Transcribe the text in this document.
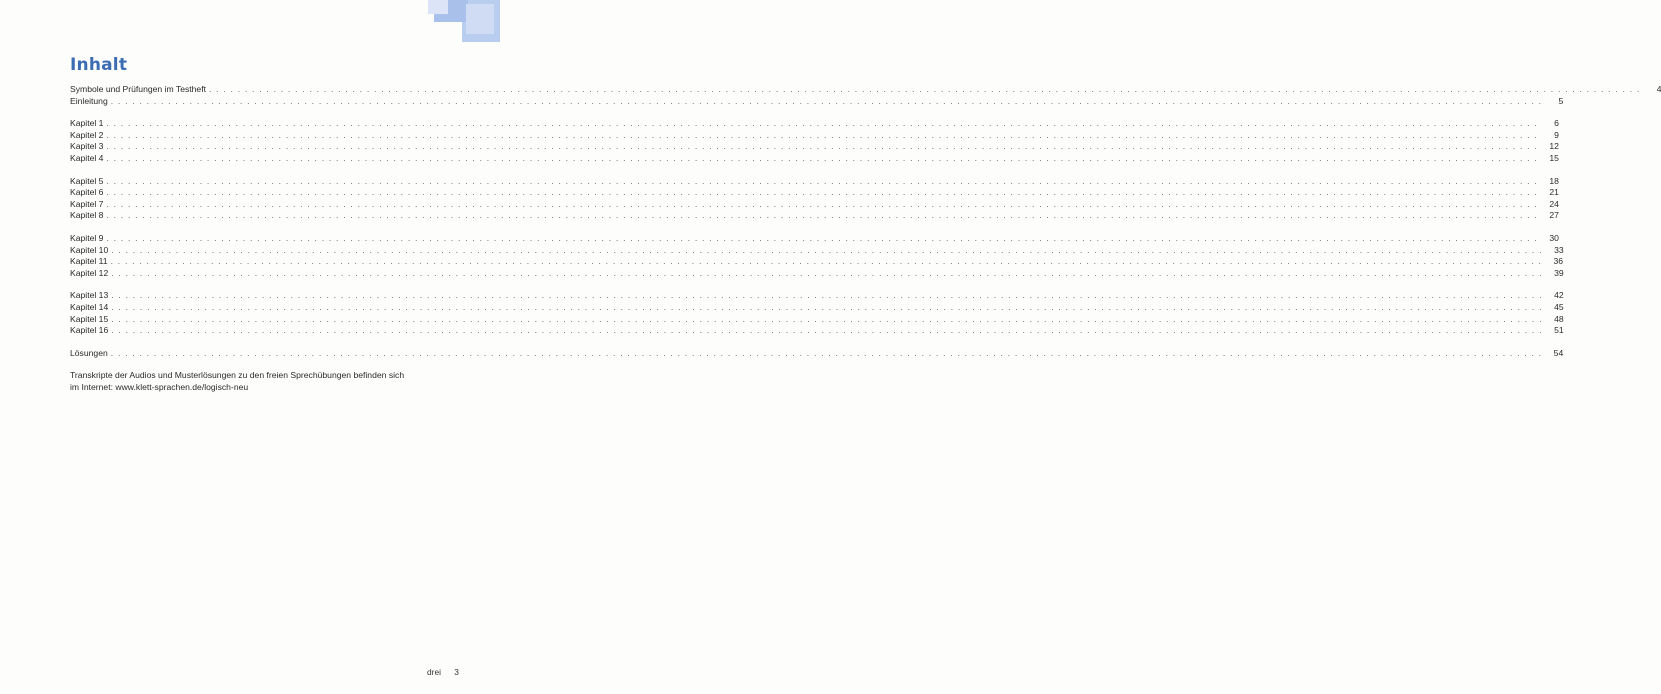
Inhalt
Symbole und Prüfungen im Testheft . . . . . . . . . . . . . . . . . . . . . . . . . . . . . . . . . . . . . . . . . . . . . . . . . . . . . . . . . . . . . . . . . . . . . . . . . . . . . . . . . . . . . . . . . . . . . . . . . . . . . . . . . . . . . . . . . . . . . . . . . . . . . . . . . . . . . . . . . . . . . . . . . . . . . . . . . . . . . . . . . . . . . . . . . . . . . . . . . . . . . . . . . . . . . . . . . . . . . . . .	4
Einleitung . . . . . . . . . . . . . . . . . . . . . . . . . . . . . . . . . . . . . . . . . . . . . . . . . . . . . . . . . . . . . . . . . . . . . . . . . . . . . . . . . . . . . . . . . . . . . . . . . . . . . . . . . . . . . . . . . . . . . . . . . . . . . . . . . . . . . . . . . . . . . . . . . . . . . . . . . . . . . . . . . . . . . . . . . . . . . . . . . . . . . . . . . . . . . . . . . . . . . . . .	5
Kapitel 1 . . . . . . . . . . . . . . . . . . . . . . . . . . . . . . . . . . . . . . . . . . . . . . . . . . . . . . . . . . . . . . . . . . . . . . . . . . . . . . . . . . . . . . . . . . . . . . . . . . . . . . . . . . . . . . . . . . . . . . . . . . . . . . . . . . . . . . . . . . . . . . . . . . . . . . . . . . . . . . . . . . . . . . . . . . . . . . . . . . . . . . . . . . . . . . . . . . . . . . . .	6
Kapitel 2 . . . . . . . . . . . . . . . . . . . . . . . . . . . . . . . . . . . . . . . . . . . . . . . . . . . . . . . . . . . . . . . . . . . . . . . . . . . . . . . . . . . . . . . . . . . . . . . . . . . . . . . . . . . . . . . . . . . . . . . . . . . . . . . . . . . . . . . . . . . . . . . . . . . . . . . . . . . . . . . . . . . . . . . . . . . . . . . . . . . . . . . . . . . . . . . . . . . . . . . .	9
Kapitel 3 . . . . . . . . . . . . . . . . . . . . . . . . . . . . . . . . . . . . . . . . . . . . . . . . . . . . . . . . . . . . . . . . . . . . . . . . . . . . . . . . . . . . . . . . . . . . . . . . . . . . . . . . . . . . . . . . . . . . . . . . . . . . . . . . . . . . . . . . . . . . . . . . . . . . . . . . . . . . . . . . . . . . . . . . . . . . . . . . . . . . . . . . . . . . . . . . . . . . . . . .	12
Kapitel 4 . . . . . . . . . . . . . . . . . . . . . . . . . . . . . . . . . . . . . . . . . . . . . . . . . . . . . . . . . . . . . . . . . . . . . . . . . . . . . . . . . . . . . . . . . . . . . . . . . . . . . . . . . . . . . . . . . . . . . . . . . . . . . . . . . . . . . . . . . . . . . . . . . . . . . . . . . . . . . . . . . . . . . . . . . . . . . . . . . . . . . . . . . . . . . . . . . . . . . . . .	15
Kapitel 5 . . . . . . . . . . . . . . . . . . . . . . . . . . . . . . . . . . . . . . . . . . . . . . . . . . . . . . . . . . . . . . . . . . . . . . . . . . . . . . . . . . . . . . . . . . . . . . . . . . . . . . . . . . . . . . . . . . . . . . . . . . . . . . . . . . . . . . . . . . . . . . . . . . . . . . . . . . . . . . . . . . . . . . . . . . . . . . . . . . . . . . . . . . . . . . . . . . . . . . . .	18
Kapitel 6 . . . . . . . . . . . . . . . . . . . . . . . . . . . . . . . . . . . . . . . . . . . . . . . . . . . . . . . . . . . . . . . . . . . . . . . . . . . . . . . . . . . . . . . . . . . . . . . . . . . . . . . . . . . . . . . . . . . . . . . . . . . . . . . . . . . . . . . . . . . . . . . . . . . . . . . . . . . . . . . . . . . . . . . . . . . . . . . . . . . . . . . . . . . . . . . . . . . . . . . .	21
Kapitel 7 . . . . . . . . . . . . . . . . . . . . . . . . . . . . . . . . . . . . . . . . . . . . . . . . . . . . . . . . . . . . . . . . . . . . . . . . . . . . . . . . . . . . . . . . . . . . . . . . . . . . . . . . . . . . . . . . . . . . . . . . . . . . . . . . . . . . . . . . . . . . . . . . . . . . . . . . . . . . . . . . . . . . . . . . . . . . . . . . . . . . . . . . . . . . . . . . . . . . . . . .	24
Kapitel 8 . . . . . . . . . . . . . . . . . . . . . . . . . . . . . . . . . . . . . . . . . . . . . . . . . . . . . . . . . . . . . . . . . . . . . . . . . . . . . . . . . . . . . . . . . . . . . . . . . . . . . . . . . . . . . . . . . . . . . . . . . . . . . . . . . . . . . . . . . . . . . . . . . . . . . . . . . . . . . . . . . . . . . . . . . . . . . . . . . . . . . . . . . . . . . . . . . . . . . . . .	27
Kapitel 9 . . . . . . . . . . . . . . . . . . . . . . . . . . . . . . . . . . . . . . . . . . . . . . . . . . . . . . . . . . . . . . . . . . . . . . . . . . . . . . . . . . . . . . . . . . . . . . . . . . . . . . . . . . . . . . . . . . . . . . . . . . . . . . . . . . . . . . . . . . . . . . . . . . . . . . . . . . . . . . . . . . . . . . . . . . . . . . . . . . . . . . . . . . . . . . . . . . . . . . . .	30
Kapitel 10 . . . . . . . . . . . . . . . . . . . . . . . . . . . . . . . . . . . . . . . . . . . . . . . . . . . . . . . . . . . . . . . . . . . . . . . . . . . . . . . . . . . . . . . . . . . . . . . . . . . . . . . . . . . . . . . . . . . . . . . . . . . . . . . . . . . . . . . . . . . . . . . . . . . . . . . . . . . . . . . . . . . . . . . . . . . . . . . . . . . . . . . . . . . . . . . . . . . . . . . .	33
Kapitel 11 . . . . . . . . . . . . . . . . . . . . . . . . . . . . . . . . . . . . . . . . . . . . . . . . . . . . . . . . . . . . . . . . . . . . . . . . . . . . . . . . . . . . . . . . . . . . . . . . . . . . . . . . . . . . . . . . . . . . . . . . . . . . . . . . . . . . . . . . . . . . . . . . . . . . . . . . . . . . . . . . . . . . . . . . . . . . . . . . . . . . . . . . . . . . . . . . . . . . . . . .	36
Kapitel 12 . . . . . . . . . . . . . . . . . . . . . . . . . . . . . . . . . . . . . . . . . . . . . . . . . . . . . . . . . . . . . . . . . . . . . . . . . . . . . . . . . . . . . . . . . . . . . . . . . . . . . . . . . . . . . . . . . . . . . . . . . . . . . . . . . . . . . . . . . . . . . . . . . . . . . . . . . . . . . . . . . . . . . . . . . . . . . . . . . . . . . . . . . . . . . . . . . . . . . . . .	39
Kapitel 13 . . . . . . . . . . . . . . . . . . . . . . . . . . . . . . . . . . . . . . . . . . . . . . . . . . . . . . . . . . . . . . . . . . . . . . . . . . . . . . . . . . . . . . . . . . . . . . . . . . . . . . . . . . . . . . . . . . . . . . . . . . . . . . . . . . . . . . . . . . . . . . . . . . . . . . . . . . . . . . . . . . . . . . . . . . . . . . . . . . . . . . . . . . . . . . . . . . . . . . . .	42
Kapitel 14 . . . . . . . . . . . . . . . . . . . . . . . . . . . . . . . . . . . . . . . . . . . . . . . . . . . . . . . . . . . . . . . . . . . . . . . . . . . . . . . . . . . . . . . . . . . . . . . . . . . . . . . . . . . . . . . . . . . . . . . . . . . . . . . . . . . . . . . . . . . . . . . . . . . . . . . . . . . . . . . . . . . . . . . . . . . . . . . . . . . . . . . . . . . . . . . . . . . . . . . .	45
Kapitel 15 . . . . . . . . . . . . . . . . . . . . . . . . . . . . . . . . . . . . . . . . . . . . . . . . . . . . . . . . . . . . . . . . . . . . . . . . . . . . . . . . . . . . . . . . . . . . . . . . . . . . . . . . . . . . . . . . . . . . . . . . . . . . . . . . . . . . . . . . . . . . . . . . . . . . . . . . . . . . . . . . . . . . . . . . . . . . . . . . . . . . . . . . . . . . . . . . . . . . . . . .	48
Kapitel 16 . . . . . . . . . . . . . . . . . . . . . . . . . . . . . . . . . . . . . . . . . . . . . . . . . . . . . . . . . . . . . . . . . . . . . . . . . . . . . . . . . . . . . . . . . . . . . . . . . . . . . . . . . . . . . . . . . . . . . . . . . . . . . . . . . . . . . . . . . . . . . . . . . . . . . . . . . . . . . . . . . . . . . . . . . . . . . . . . . . . . . . . . . . . . . . . . . . . . . . . .	51
Lösungen . . . . . . . . . . . . . . . . . . . . . . . . . . . . . . . . . . . . . . . . . . . . . . . . . . . . . . . . . . . . . . . . . . . . . . . . . . . . . . . . . . . . . . . . . . . . . . . . . . . . . . . . . . . . . . . . . . . . . . . . . . . . . . . . . . . . . . . . . . . . . . . . . . . . . . . . . . . . . . . . . . . . . . . . . . . . . . . . . . . . . . . . . . . . . . . . . . . . . . . .	54
Transkripte der Audios und Musterlösungen zu den freien Sprechübungen befinden sich
im Internet: www.klett-sprachen.de/logisch-neu
drei 3
